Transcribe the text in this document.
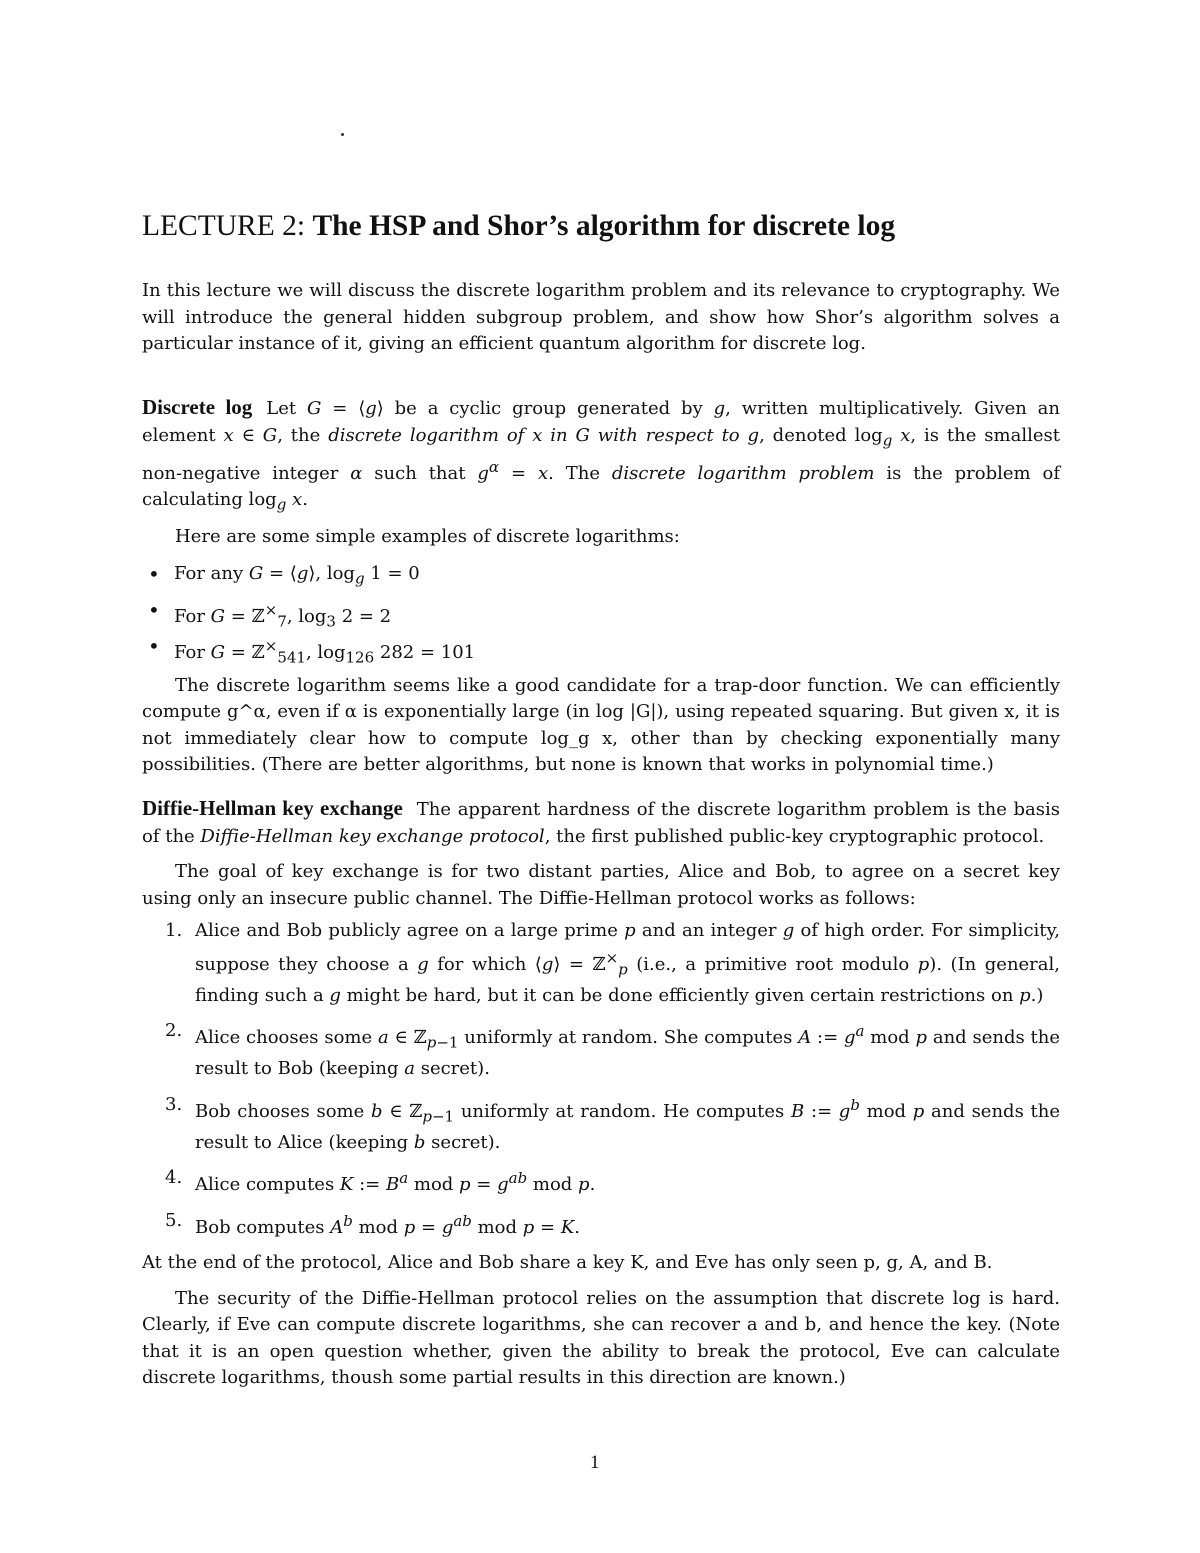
LECTURE 2: The HSP and Shor’s algorithm for discrete log

In this lecture we will discuss the discrete logarithm problem and its relevance to cryptography. We will introduce the general hidden subgroup problem, and show how Shor’s algorithm solves a particular instance of it, giving an efficient quantum algorithm for discrete log.

Discrete log Let G = ⟨g⟩ be a cyclic group generated by g, written multiplicatively. Given an element x ∈ G, the discrete logarithm of x in G with respect to g, denoted $\log_g x$, is the smallest non-negative integer α such that $g^\alpha = x$. The discrete logarithm problem is the problem of calculating $\log_g x$.

Here are some simple examples of discrete logarithms:

• For any G = ⟨g⟩, $\log_g 1 = 0$
• For G = ℤ×$_7$, $\log_3 2 = 2$
• For G = ℤ×$_{541}$, $\log_{126} 282 = 101$

The discrete logarithm seems like a good candidate for a trap-door function. We can efficiently compute g^α, even if α is exponentially large (in log |G|), using repeated squaring. But given x, it is not immediately clear how to compute log_g x, other than by checking exponentially many possibilities. (There are better algorithms, but none is known that works in polynomial time.)

Diffie-Hellman key exchange The apparent hardness of the discrete logarithm problem is the basis of the Diffie-Hellman key exchange protocol, the first published public-key cryptographic protocol.

The goal of key exchange is for two distant parties, Alice and Bob, to agree on a secret key using only an insecure public channel. The Diffie-Hellman protocol works as follows:

1. Alice and Bob publicly agree on a large prime p and an integer g of high order. For simplicity, suppose they choose a g for which ⟨g⟩ = ℤ×$_p$ (i.e., a primitive root modulo p). (In general, finding such a g might be hard, but it can be done efficiently given certain restrictions on p.)
2. Alice chooses some a ∈ ℤ$_{p-1}$ uniformly at random. She computes A := $g^a$ mod p and sends the result to Bob (keeping a secret).
3. Bob chooses some b ∈ ℤ$_{p-1}$ uniformly at random. He computes B := $g^b$ mod p and sends the result to Alice (keeping b secret).
4. Alice computes K := $B^a$ mod $p = g^{ab}$ mod p.
5. Bob computes $A^b$ mod $p = g^{ab}$ mod p = K.

At the end of the protocol, Alice and Bob share a key K, and Eve has only seen p, g, A, and B.

The security of the Diffie-Hellman protocol relies on the assumption that discrete log is hard. Clearly, if Eve can compute discrete logarithms, she can recover a and b, and hence the key. (Note that it is an open question whether, given the ability to break the protocol, Eve can calculate discrete logarithms, thoush some partial results in this direction are known.)

1
